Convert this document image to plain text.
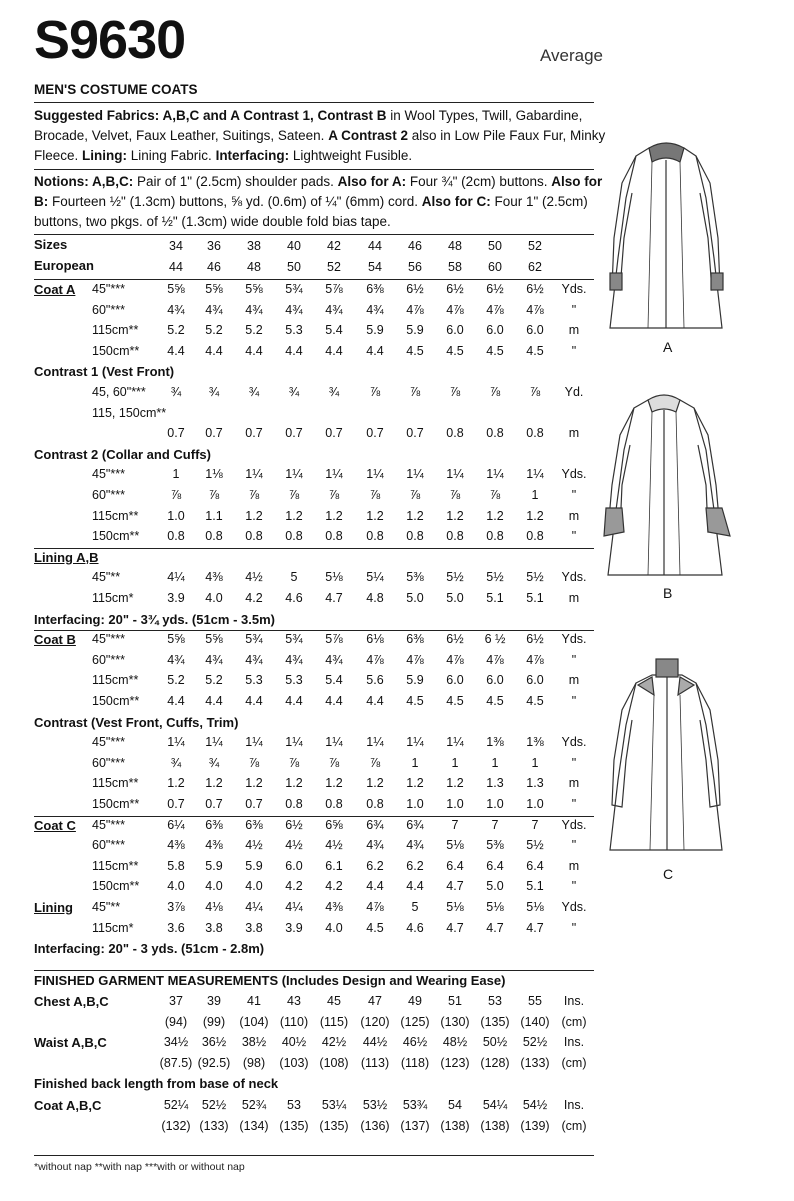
S9630	Average
MEN'S COSTUME COATS
Suggested Fabrics: A,B,C and A Contrast 1, Contrast B in Wool Types, Twill, Gabardine,
Brocade, Velvet, Faux Leather, Suitings, Sateen. A Contrast 2 also in Low Pile Faux Fur, Minky
Fleece. Lining: Lining Fabric. Interfacing: Lightweight Fusible.
Notions: A,B,C: Pair of 1" (2.5cm) shoulder pads. Also for A: Four ¾" (2cm) buttons. Also for
B: Fourteen ½" (1.3cm) buttons, ⅝ yd. (0.6m) of ¼" (6mm) cord. Also for C: Four 1" (2.5cm)
buttons, two pkgs. of ½" (1.3cm) wide double fold bias tape.
Sizes
European
34	36	38	40	42	44	46	48	50	52
44	46	48	50	52	54	56	58	60	62
Coat A 45"***	5⅝	5⅝	5⅝	5¾	5⅞	6⅜	6½	6½	6½	6½	Yds.
60"***	4¾	4¾	4¾	4¾	4¾	4¾	4⅞	4⅞	4⅞	4⅞	"
115cm**	5.2	5.2	5.2	5.3	5.4	5.9	5.9	6.0	6.0	6.0	m
150cm**	4.4	4.4	4.4	4.4	4.4	4.4	4.5	4.5	4.5	4.5	"
Contrast 1 (Vest Front)
45, 60"***	¾	¾	¾	¾	¾	⅞	⅞	⅞	⅞	⅞	Yd.
115, 150cm**
0.7	0.7	0.7	0.7	0.7	0.7	0.7	0.8	0.8	0.8	m
Contrast 2 (Collar and Cuffs)
45"***	1	1⅛	1¼	1¼	1¼	1¼	1¼	1¼	1¼	1¼	Yds.
60"***	⅞	⅞	⅞	⅞	⅞	⅞	⅞	⅞	⅞	1	"
115cm**	1.0	1.1	1.2	1.2	1.2	1.2	1.2	1.2	1.2	1.2	m
150cm**	0.8	0.8	0.8	0.8	0.8	0.8	0.8	0.8	0.8	0.8	"
Lining A,B
45"**	4¼	4⅜	4½	5	5⅛	5¼	5⅜	5½	5½	5½	Yds.
115cm*	3.9	4.0	4.2	4.6	4.7	4.8	5.0	5.0	5.1	5.1	m
Interfacing: 20" - 3¾ yds. (51cm - 3.5m)
Coat B 45"***	5⅝	5⅝	5¾	5¾	5⅞	6⅛	6⅜	6½	6 ½	6½	Yds.
60"***	4¾	4¾	4¾	4¾	4¾	4⅞	4⅞	4⅞	4⅞	4⅞	"
115cm**	5.2	5.2	5.3	5.3	5.4	5.6	5.9	6.0	6.0	6.0	m
150cm**	4.4	4.4	4.4	4.4	4.4	4.4	4.5	4.5	4.5	4.5	"
Contrast (Vest Front, Cuffs, Trim)
45"***	1¼	1¼	1¼	1¼	1¼	1¼	1¼	1¼	1⅜	1⅜	Yds.
60"***	¾	¾	⅞	⅞	⅞	⅞	1	1	1	1	"
115cm**	1.2	1.2	1.2	1.2	1.2	1.2	1.2	1.2	1.3	1.3	m
150cm**	0.7	0.7	0.7	0.8	0.8	0.8	1.0	1.0	1.0	1.0	"
Coat C 45"***	6¼	6⅜	6⅜	6½	6⅝	6¾	6¾	7	7	7	Yds.
60"***	4⅜	4⅜	4½	4½	4½	4¾	4¾	5⅛	5⅜	5½	"
115cm**	5.8	5.9	5.9	6.0	6.1	6.2	6.2	6.4	6.4	6.4	m
150cm**	4.0	4.0	4.0	4.2	4.2	4.4	4.4	4.7	5.0	5.1	"
Lining 45"**	3⅞	4⅛	4¼	4¼	4⅜	4⅞	5	5⅛	5⅛	5⅛	Yds.
115cm*	3.6	3.8	3.8	3.9	4.0	4.5	4.6	4.7	4.7	4.7	"
Interfacing: 20" - 3 yds. (51cm - 2.8m)
FINISHED GARMENT MEASUREMENTS (Includes Design and Wearing Ease)
Chest A,B,C	37	39	41	43	45	47	49	51	53	55	Ins.
(94)	(99)	(104) (110) (115) (120) (125) (130) (135) (140) (cm)
Waist A,B,C	34½	36½	38½	40½	42½	44½	46½	48½	50½	52½	Ins.
(87.5) (92.5)	(98)	(103) (108) (113) (118) (123) (128) (133) (cm)
Finished back length from base of neck
Coat A,B,C	52¼	52½	52¾	53	53¼	53½	53¾	54	54¼	54½	Ins.
(132) (133) (134) (135) (135) (136) (137) (138) (138) (139) (cm)
*without nap **with nap ***with or without nap
A
B
C
